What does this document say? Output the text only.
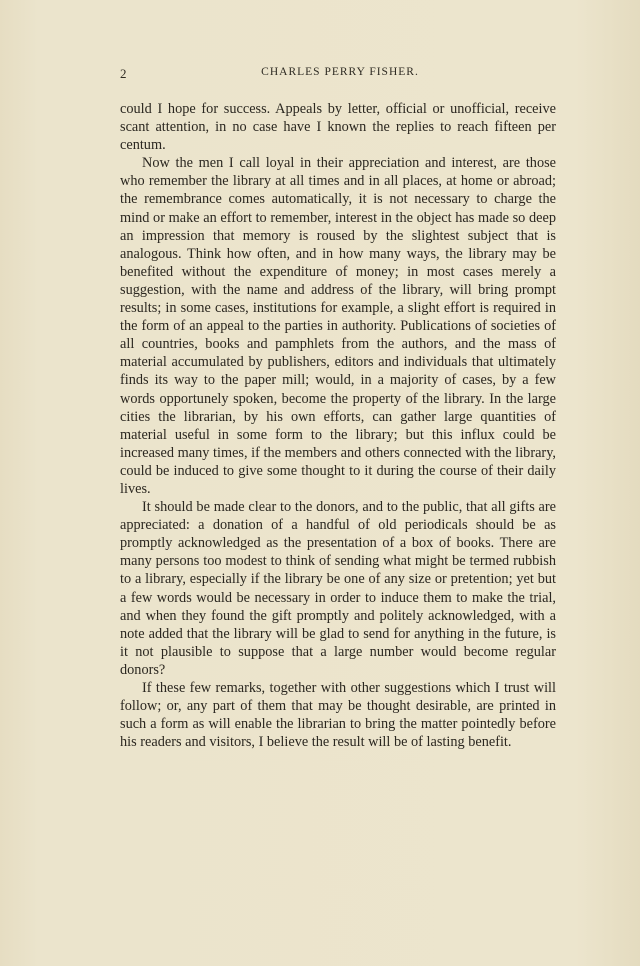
2	CHARLES PERRY FISHER.

could I hope for success. Appeals by letter, official or unofficial, receive scant attention, in no case have I known the replies to reach fifteen per centum.

Now the men I call loyal in their appreciation and interest, are those who remember the library at all times and in all places, at home or abroad; the remembrance comes automatically, it is not necessary to charge the mind or make an effort to remember, interest in the object has made so deep an impression that memory is roused by the slightest subject that is analogous. Think how often, and in how many ways, the library may be benefited without the expenditure of money; in most cases merely a suggestion, with the name and address of the library, will bring prompt results; in some cases, institutions for example, a slight effort is required in the form of an appeal to the parties in authority. Publications of societies of all countries, books and pamphlets from the authors, and the mass of material accumulated by publishers, editors and individuals that ultimately finds its way to the paper mill; would, in a majority of cases, by a few words opportunely spoken, become the property of the library. In the large cities the librarian, by his own efforts, can gather large quantities of material useful in some form to the library; but this influx could be increased many times, if the members and others connected with the library, could be induced to give some thought to it during the course of their daily lives.

It should be made clear to the donors, and to the public, that all gifts are appreciated: a donation of a handful of old periodicals should be as promptly acknowledged as the presentation of a box of books. There are many persons too modest to think of sending what might be termed rubbish to a library, especially if the library be one of any size or pretention; yet but a few words would be necessary in order to induce them to make the trial, and when they found the gift promptly and politely acknowledged, with a note added that the library will be glad to send for anything in the future, is it not plausible to suppose that a large number would become regular donors?

If these few remarks, together with other suggestions which I trust will follow; or, any part of them that may be thought desirable, are printed in such a form as will enable the librarian to bring the matter pointedly before his readers and visitors, I believe the result will be of lasting benefit.
